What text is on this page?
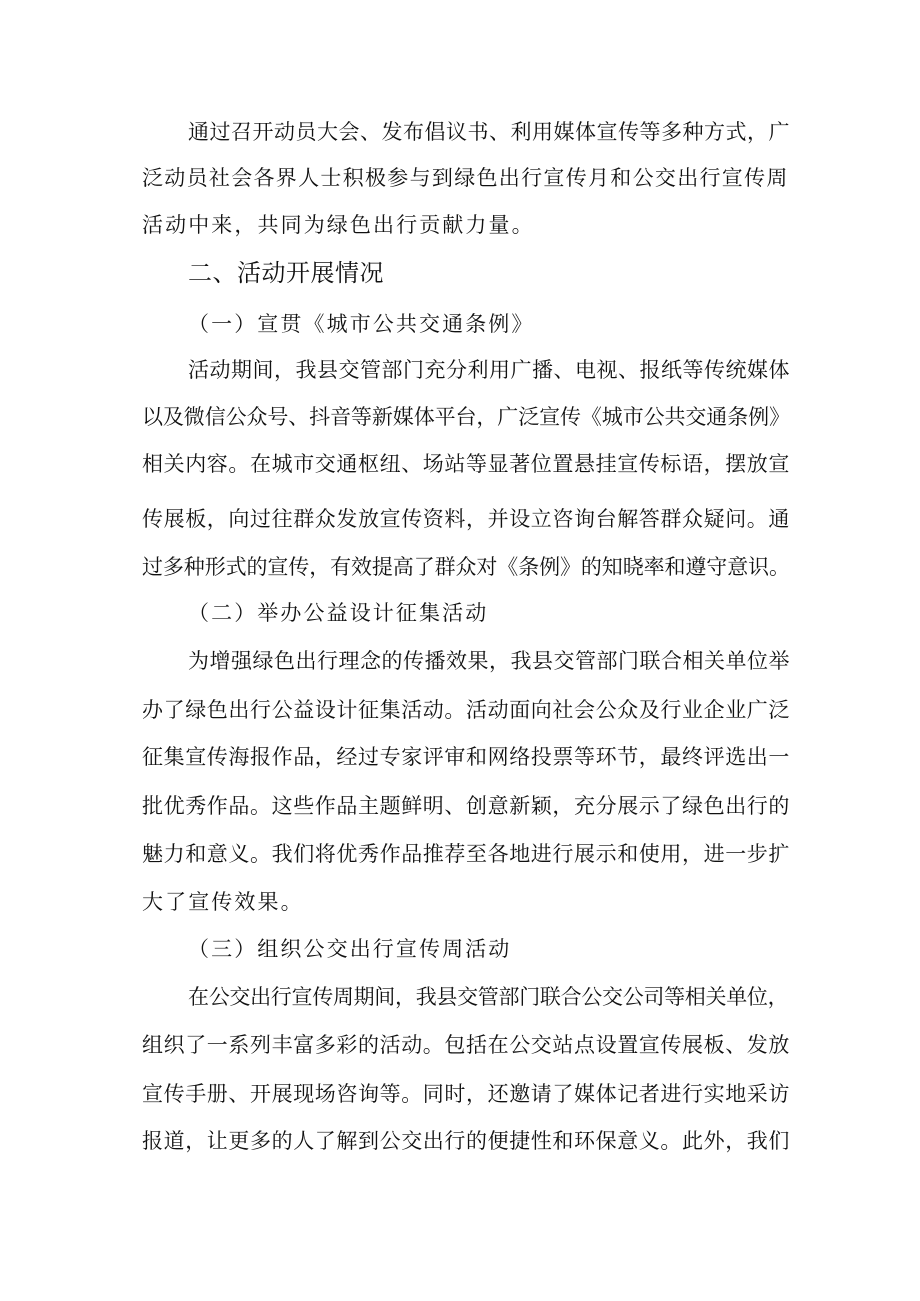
通过召开动员大会、发布倡议书、利用媒体宣传等多种方式，广
泛动员社会各界人士积极参与到绿色出行宣传月和公交出行宣传周
活动中来，共同为绿色出行贡献力量。
二、活动开展情况
（一）宣贯《城市公共交通条例》
活动期间，我县交管部门充分利用广播、电视、报纸等传统媒体
以及微信公众号、抖音等新媒体平台，广泛宣传《城市公共交通条例》
相关内容。在城市交通枢纽、场站等显著位置悬挂宣传标语，摆放宣
传展板，向过往群众发放宣传资料，并设立咨询台解答群众疑问。通
过多种形式的宣传，有效提高了群众对《条例》的知晓率和遵守意识。
（二）举办公益设计征集活动
为增强绿色出行理念的传播效果，我县交管部门联合相关单位举
办了绿色出行公益设计征集活动。活动面向社会公众及行业企业广泛
征集宣传海报作品，经过专家评审和网络投票等环节，最终评选出一
批优秀作品。这些作品主题鲜明、创意新颖，充分展示了绿色出行的
魅力和意义。我们将优秀作品推荐至各地进行展示和使用，进一步扩
大了宣传效果。
（三）组织公交出行宣传周活动
在公交出行宣传周期间，我县交管部门联合公交公司等相关单位，
组织了一系列丰富多彩的活动。包括在公交站点设置宣传展板、发放
宣传手册、开展现场咨询等。同时，还邀请了媒体记者进行实地采访
报道，让更多的人了解到公交出行的便捷性和环保意义。此外，我们
